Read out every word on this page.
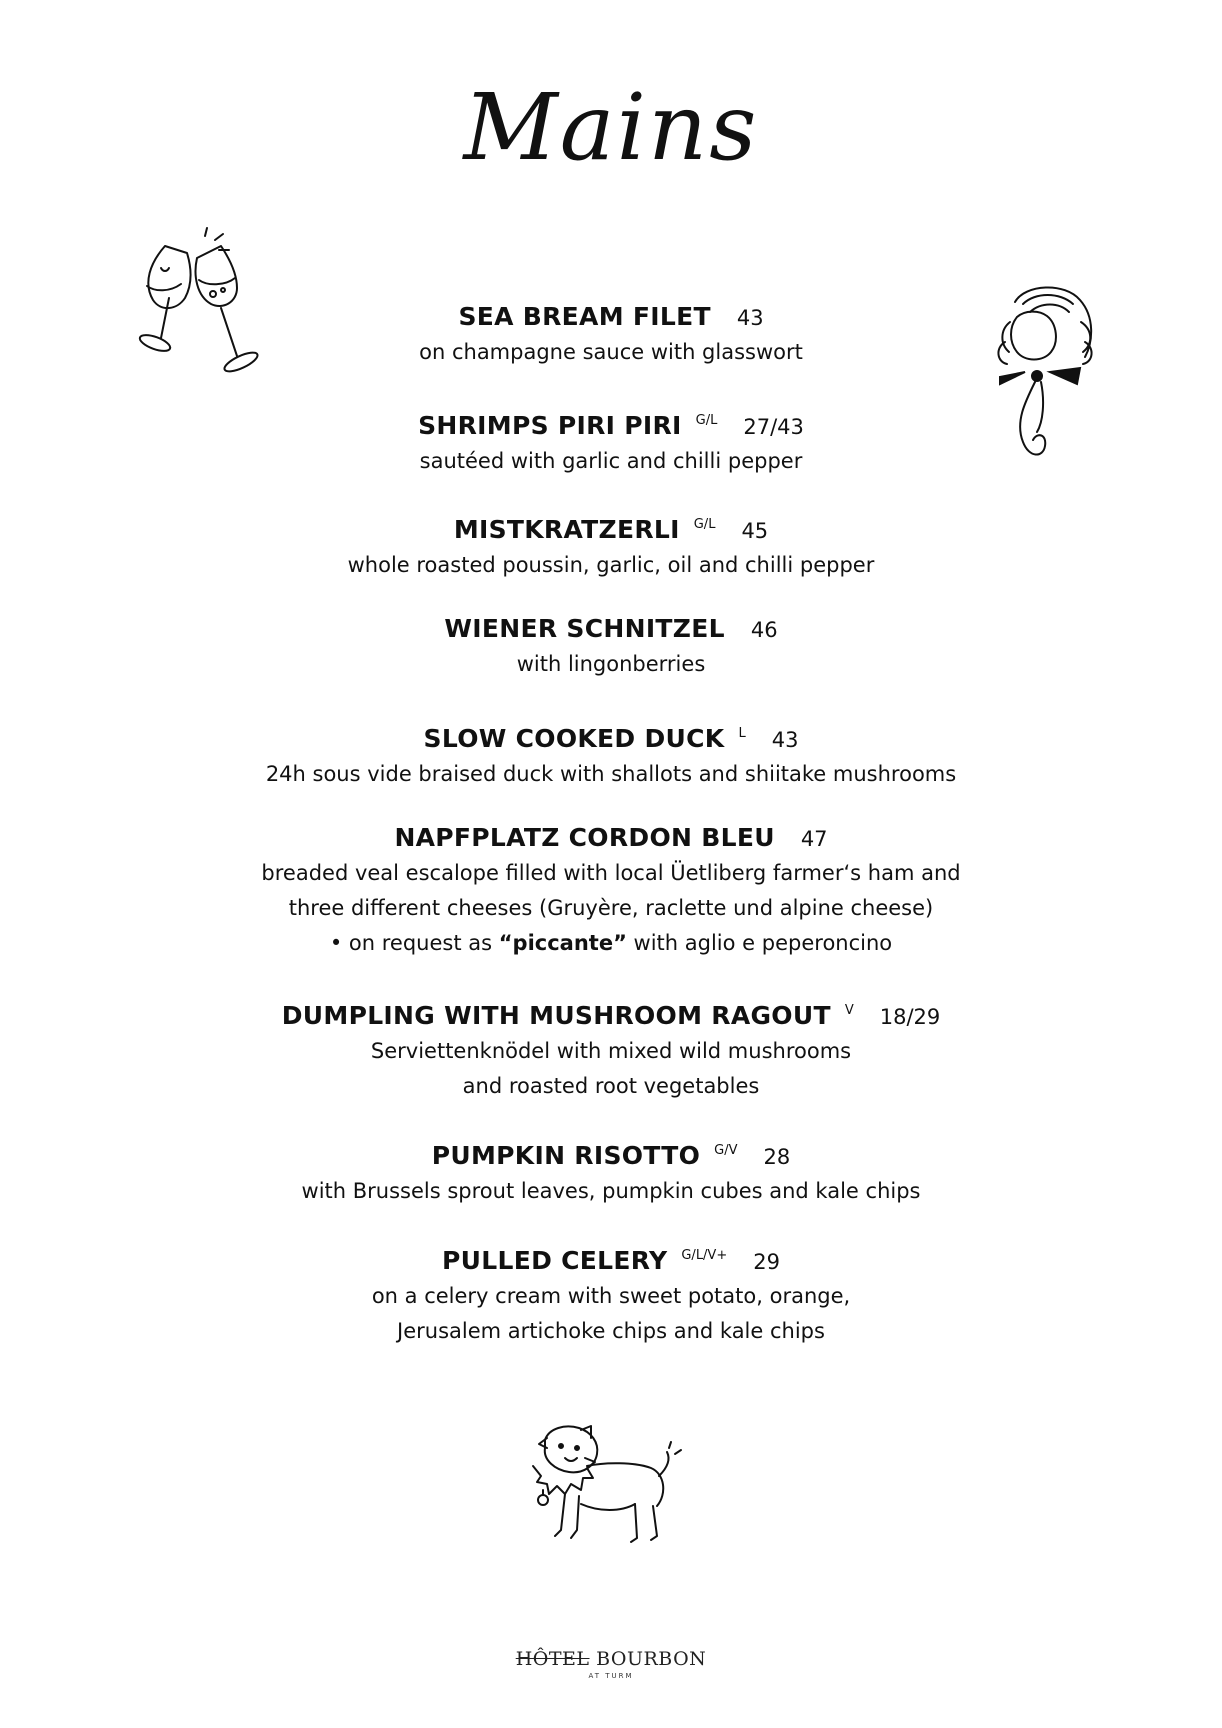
Mains
SEA BREAM FILET 43
on champagne sauce with glasswort
SHRIMPS PIRI PIRI $^{G/L}$ 27/43
sautéed with garlic and chilli pepper
MISTKRATZERLI $^{G/L}$ 45
whole roasted poussin, garlic, oil and chilli pepper
WIENER SCHNITZEL 46
with lingonberries
SLOW COOKED DUCK $^L$ 43
24h sous vide braised duck with shallots and shiitake mushrooms
NAPFPLATZ CORDON BLEU 47
breaded veal escalope filled with local Üetliberg farmer‘s ham and
three different cheeses (Gruyère, raclette und alpine cheese)
• on request as “piccante” with aglio e peperoncino
DUMPLING WITH MUSHROOM RAGOUT $^V$ 18/29
Serviettenknödel with mixed wild mushrooms
and roasted root vegetables
PUMPKIN RISOTTO $^{G/V}$ 28
with Brussels sprout leaves, pumpkin cubes and kale chips
PULLED CELERY $^{G/L/V+}$ 29
on a celery cream with sweet potato, orange,
Jerusalem artichoke chips and kale chips
HÔTEL BOURBON
AT TURM
